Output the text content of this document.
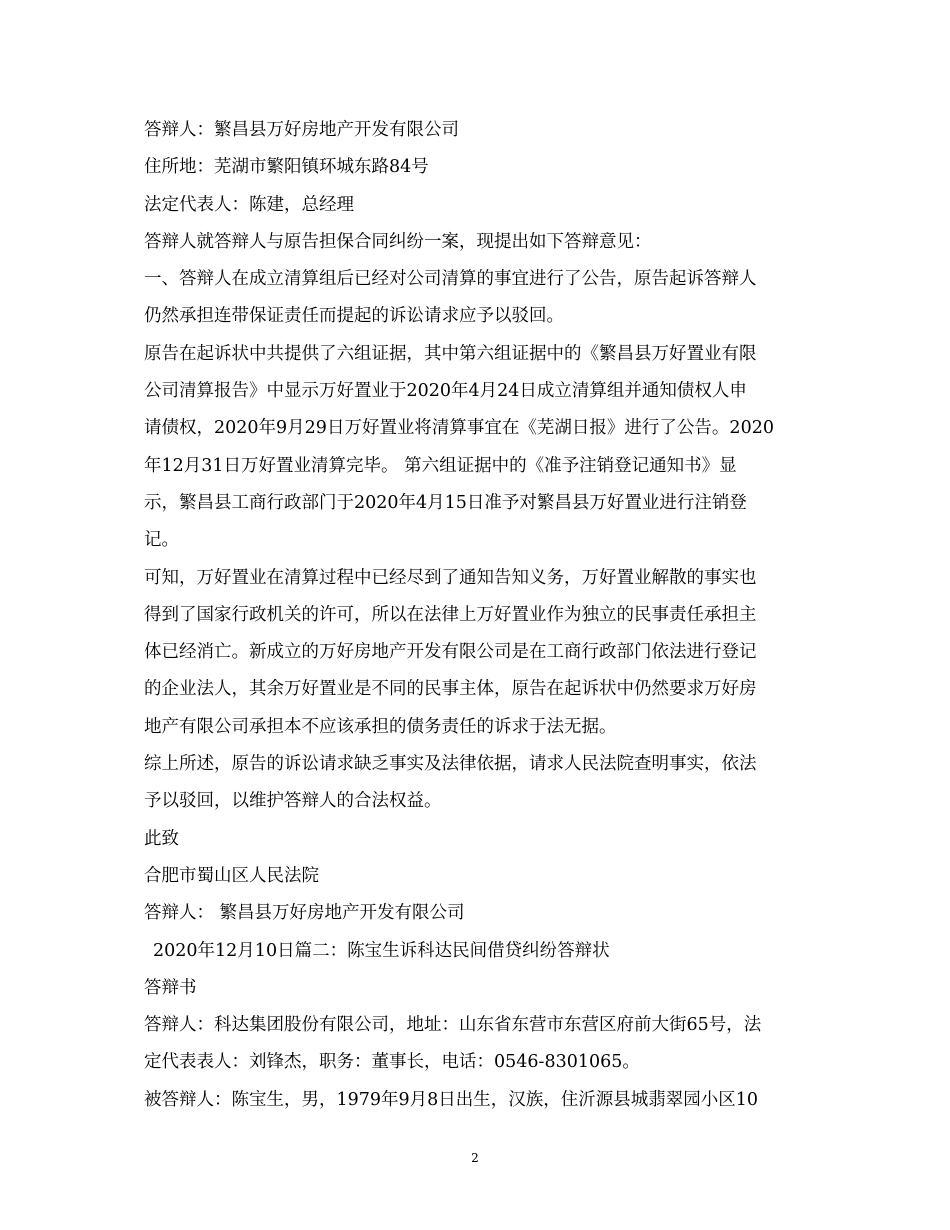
答辩人：繁昌县万好房地产开发有限公司
住所地：芜湖市繁阳镇环城东路84号
法定代表人：陈建，总经理
答辩人就答辩人与原告担保合同纠纷一案，现提出如下答辩意见：
一、答辩人在成立清算组后已经对公司清算的事宜进行了公告，原告起诉答辩人
仍然承担连带保证责任而提起的诉讼请求应予以驳回。
原告在起诉状中共提供了六组证据，其中第六组证据中的《繁昌县万好置业有限
公司清算报告》中显示万好置业于2020年4月24日成立清算组并通知债权人申
请债权，2020年9月29日万好置业将清算事宜在《芜湖日报》进行了公告。2020
年12月31日万好置业清算完毕。 第六组证据中的《准予注销登记通知书》显
示，繁昌县工商行政部门于2020年4月15日准予对繁昌县万好置业进行注销登
记。
可知，万好置业在清算过程中已经尽到了通知告知义务，万好置业解散的事实也
得到了国家行政机关的许可，所以在法律上万好置业作为独立的民事责任承担主
体已经消亡。新成立的万好房地产开发有限公司是在工商行政部门依法进行登记
的企业法人，其余万好置业是不同的民事主体，原告在起诉状中仍然要求万好房
地产有限公司承担本不应该承担的债务责任的诉求于法无据。
综上所述，原告的诉讼请求缺乏事实及法律依据，请求人民法院查明事实，依法
予以驳回，以维护答辩人的合法权益。
此致
合肥市蜀山区人民法院
答辩人： 繁昌县万好房地产开发有限公司
2020年12月10日篇二：陈宝生诉科达民间借贷纠纷答辩状
答辩书
答辩人：科达集团股份有限公司，地址：山东省东营市东营区府前大街65号，法
定代表表人：刘锋杰，职务：董事长，电话：0546-8301065。
被答辩人：陈宝生，男，1979年9月8日出生，汉族，住沂源县城翡翠园小区10
2
